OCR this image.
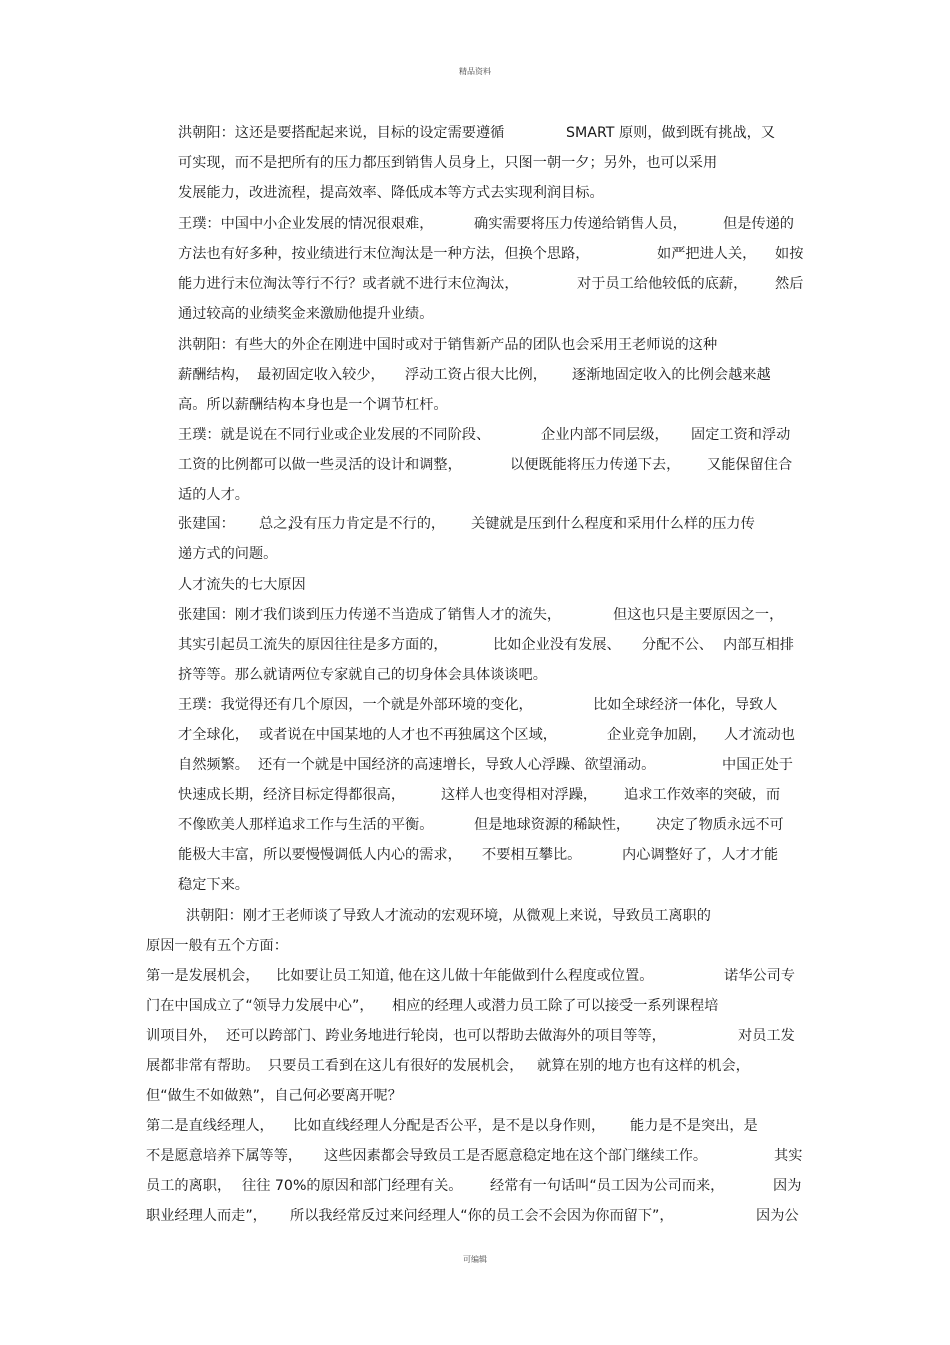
精品资料
洪朝阳：这还是要搭配起来说，目标的设定需要遵循	SMART 原则，做到既有挑战，又
可实现，而不是把所有的压力都压到销售人员身上，只图一朝一夕；另外，也可以采用
发展能力，改进流程，提高效率、降低成本等方式去实现利润目标。
王璞：中国中小企业发展的情况很艰难，	确实需要将压力传递给销售人员，	但是传递的
方法也有好多种，按业绩进行末位淘汰是一种方法，但换个思路，	如严把进人关， 如按
能力进行末位淘汰等行不行？或者就不进行末位淘汰，	对于员工给他较低的底薪， 然后
通过较高的业绩奖金来激励他提升业绩。
洪朝阳：有些大的外企在刚进中国时或对于销售新产品的团队也会采用王老师说的这种
薪酬结构， 最初固定收入较少， 浮动工资占很大比例， 逐渐地固定收入的比例会越来越
高。所以薪酬结构本身也是一个调节杠杆。
王璞：就是说在不同行业或企业发展的不同阶段、	企业内部不同层级， 固定工资和浮动
工资的比例都可以做一些灵活的设计和调整，	以便既能将压力传递下去， 又能保留住合
适的人才。
张建国： 总之，
没有压力肯定是不行的， 关键就是压到什么程度和采用什么样的压力传
递方式的问题。
人才流失的七大原因
张建国：刚才我们谈到压力传递不当造成了销售人才的流失，	但这也只是主要原因之一，
其实引起员工流失的原因往往是多方面的，	比如企业没有发展、 分配不公、 内部互相排
挤等等。那么就请两位专家就自己的切身体会具体谈谈吧。
王璞：我觉得还有几个原因，一个就是外部环境的变化，	比如全球经济一体化，导致人
才全球化， 或者说在中国某地的人才也不再独属这个区域，	企业竞争加剧， 人才流动也
自然频繁。 还有一个就是中国经济的高速增长，导致人心浮躁、欲望涌动。	中国正处于
快速成长期，经济目标定得都很高，	这样人也变得相对浮躁， 追求工作效率的突破，而
不像欧美人那样追求工作与生活的平衡。	但是地球资源的稀缺性， 决定了物质永远不可
能极大丰富，所以要慢慢调低人内心的需求， 不要相互攀比。	内心调整好了，人才才能
稳定下来。
洪朝阳：刚才王老师谈了导致人才流动的宏观环境，从微观上来说，导致员工离职的
原因一般有五个方面：
第一是发展机会， 比如要让员工知道，
他在这儿做十年能做到什么程度或位置。	诺华公司专
门在中国成立了“领导力发展中心”， 相应的经理人或潜力员工除了可以接受一系列课程培
训项目外， 还可以跨部门、跨业务地进行轮岗，也可以帮助去做海外的项目等等，	对员工发
展都非常有帮助。 只要员工看到在这儿有很好的发展机会， 就算在别的地方也有这样的机会，
但“做生不如做熟”，自己何必要离开呢？
第二是直线经理人， 比如直线经理人分配是否公平，是不是以身作则， 能力是不是突出，是
不是愿意培养下属等等， 这些因素都会导致员工是否愿意稳定地在这个部门继续工作。	其实
员工的离职， 往往 70%的原因和部门经理有关。 经常有一句话叫“员工因为公司而来，	因为
职业经理人而走”， 所以我经常反过来问经理人“你的员工会不会因为你而留下”，	因为公
可编辑
